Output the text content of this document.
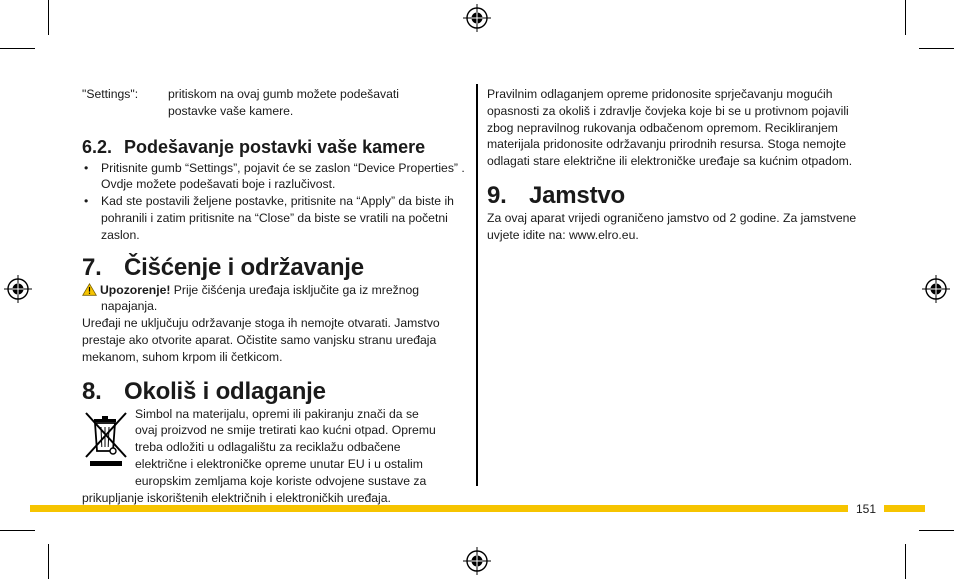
"Settings":	pritiskom na ovaj gumb možete podešavati
postavke vaše kamere.
6.2. Podešavanje postavki vaše kamere
• Pritisnite gumb “Settings”, pojavit će se zaslon “Device Properties” . Ovdje možete podešavati boje i razlučivost.
• Kad ste postavili željene postavke, pritisnite na “Apply” da biste ih pohranili i zatim pritisnite na “Close” da biste se vratili na početni zaslon.
7. Čišćenje i održavanje
Upozorenje! Prije čišćenja uređaja isključite ga iz mrežnog napajanja.

Uređaji ne uključuju održavanje stoga ih nemojte otvarati. Jamstvo prestaje ako otvorite aparat. Očistite samo vanjsku stranu uređaja mekanom, suhom krpom ili četkicom.

8. Okoliš i odlaganje
Simbol na materijalu, opremi ili pakiranju znači da se
ovaj proizvod ne smije tretirati kao kućni otpad. Opremu
treba odložiti u odlagalištu za reciklažu odbačene
električne i elektroničke opreme unutar EU i u ostalim
europskim zemljama koje koriste odvojene sustave za
prikupljanje iskorištenih električnih i elektroničkih uređaja.

Pravilnim odlaganjem opreme pridonosite sprječavanju mogućih opasnosti za okoliš i zdravlje čovjeka koje bi se u protivnom pojavili zbog nepravilnog rukovanja odbačenom opremom. Recikliranjem materijala pridonosite održavanju prirodnih resursa. Stoga nemojte odlagati stare električne ili elektroničke uređaje sa kućnim otpadom.

9. Jamstvo

Za ovaj aparat vrijedi ograničeno jamstvo od 2 godine. Za jamstvene uvjete idite na: www.elro.eu.

151
